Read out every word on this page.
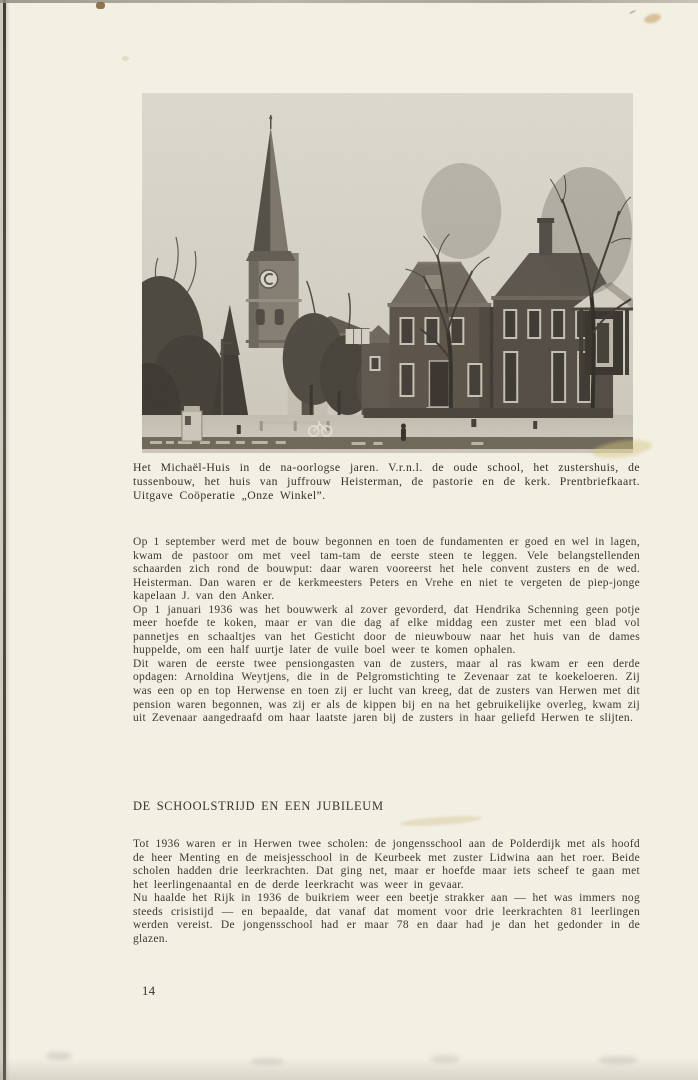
Het Michaël-Huis in de na-oorlogse jaren. V.r.n.l. de oude school, het zustershuis, de tussenbouw, het huis van juffrouw Heisterman, de pastorie en de kerk. Prentbriefkaart. Uitgave Coöperatie „Onze Winkel”.

Op 1 september werd met de bouw begonnen en toen de fundamenten er goed en wel in lagen, kwam de pastoor om met veel tam-tam de eerste steen te leggen. Vele belangstellenden schaarden zich rond de bouwput: daar waren vooreerst het hele convent zusters en de wed. Heisterman. Dan waren er de kerkmeesters Peters en Vrehe en niet te vergeten de piep-jonge kapelaan J. van den Anker.

Op 1 januari 1936 was het bouwwerk al zover gevorderd, dat Hendrika Schenning geen potje meer hoefde te koken, maar er van die dag af elke middag een zuster met een blad vol pannetjes en schaaltjes van het Gesticht door de nieuwbouw naar het huis van de dames huppelde, om een half uurtje later de vuile boel weer te komen ophalen.

Dit waren de eerste twee pensiongasten van de zusters, maar al ras kwam er een derde opdagen: Arnoldina Weytjens, die in de Pelgromstichting te Zevenaar zat te koekeloeren. Zij was een op en top Herwense en toen zij er lucht van kreeg, dat de zusters van Herwen met dit pension waren begonnen, was zij er als de kippen bij en na het gebruikelijke overleg, kwam zij uit Zevenaar aangedraafd om haar laatste jaren bij de zusters in haar geliefd Herwen te slijten.

DE SCHOOLSTRIJD EN EEN JUBILEUM

Tot 1936 waren er in Herwen twee scholen: de jongensschool aan de Polderdijk met als hoofd de heer Menting en de meisjesschool in de Keurbeek met zuster Lidwina aan het roer. Beide scholen hadden drie leerkrachten. Dat ging net, maar er hoefde maar iets scheef te gaan met het leerlingenaantal en de derde leerkracht was weer in gevaar.

Nu haalde het Rijk in 1936 de buikriem weer een beetje strakker aan — het was immers nog steeds crisistijd — en bepaalde, dat vanaf dat moment voor drie leerkrachten 81 leerlingen werden vereist. De jongensschool had er maar 78 en daar had je dan het gedonder in de glazen.

14
